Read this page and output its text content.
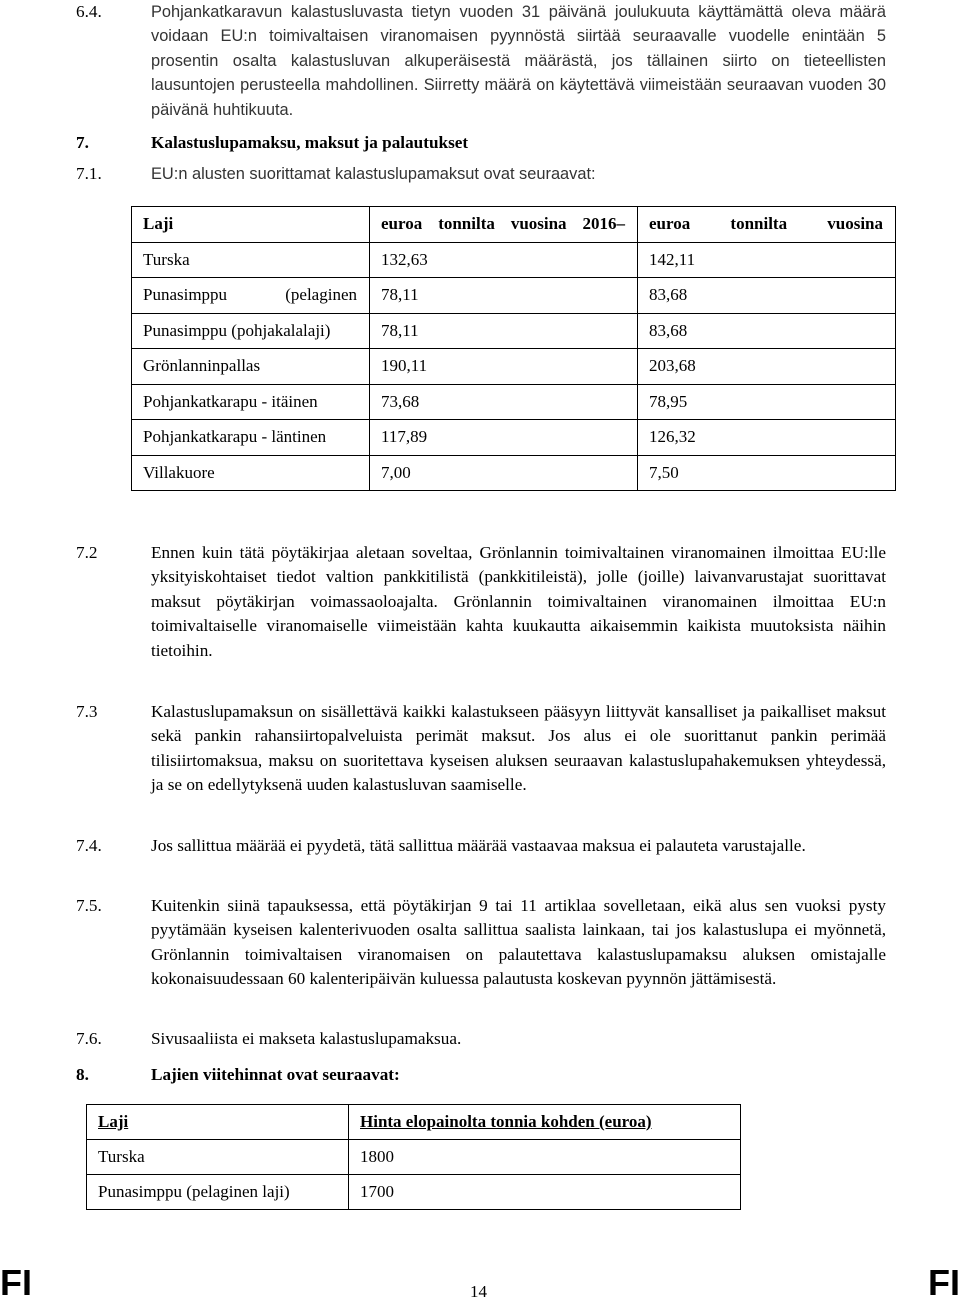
6.4.	Pohjankatkaravun kalastusluvasta tietyn vuoden 31 päivänä joulukuuta käyttämättä oleva määrä voidaan EU:n toimivaltaisen viranomaisen pyynnöstä siirtää seuraavalle vuodelle enintään 5 prosentin osalta kalastusluvan alkuperäisestä määrästä, jos tällainen siirto on tieteellisten lausuntojen perusteella mahdollinen. Siirretty määrä on käytettävä viimeistään seuraavan vuoden 30 päivänä huhtikuuta.
7.	Kalastuslupamaksu, maksut ja palautukset
7.1.	EU:n alusten suorittamat kalastuslupamaksut ovat seuraavat:
Laji	euroa tonnilta vuosina 2016–	euroa tonnilta vuosina

Turska	132,63	142,11

Punasimppu (pelaginen	78,11	83,68
Punasimppu (pohjakalalaji)	78,11	83,68
Grönlanninpallas	190,11	203,68
Pohjankatkarapu - itäinen	73,68	78,95
Pohjankatkarapu - läntinen	117,89	126,32
Villakuore	7,00	7,50
7.2	Ennen kuin tätä pöytäkirjaa aletaan soveltaa, Grönlannin toimivaltainen viranomainen ilmoittaa EU:lle yksityiskohtaiset tiedot valtion pankkitilistä (pankkitileistä), jolle (joille) laivanvarustajat suorittavat maksut pöytäkirjan voimassaoloajalta. Grönlannin toimivaltainen viranomainen ilmoittaa EU:n toimivaltaiselle viranomaiselle viimeistään kahta kuukautta aikaisemmin kaikista muutoksista näihin tietoihin.
7.3	Kalastuslupamaksun on sisällettävä kaikki kalastukseen pääsyyn liittyvät kansalliset ja paikalliset maksut sekä pankin rahansiirtopalveluista perimät maksut. Jos alus ei ole suorittanut pankin perimää tilisiirtomaksua, maksu on suoritettava kyseisen aluksen seuraavan kalastuslupahakemuksen yhteydessä, ja se on edellytyksenä uuden kalastusluvan saamiselle.
7.4.	Jos sallittua määrää ei pyydetä, tätä sallittua määrää vastaavaa maksua ei palauteta varustajalle.
7.5.	Kuitenkin siinä tapauksessa, että pöytäkirjan 9 tai 11 artiklaa sovelletaan, eikä alus sen vuoksi pysty pyytämään kyseisen kalenterivuoden osalta sallittua saalista lainkaan, tai jos kalastuslupa ei myönnetä, Grönlannin toimivaltaisen viranomaisen on palautettava kalastuslupamaksu aluksen omistajalle kokonaisuudessaan 60 kalenteripäivän kuluessa palautusta koskevan pyynnön jättämisestä.
7.6.	Sivusaaliista ei makseta kalastuslupamaksua.
8.	Lajien viitehinnat ovat seuraavat:
Laji	Hinta elopainolta tonnia kohden (euroa)
Turska	1800
Punasimppu (pelaginen laji)	1700
FI	14	FI
